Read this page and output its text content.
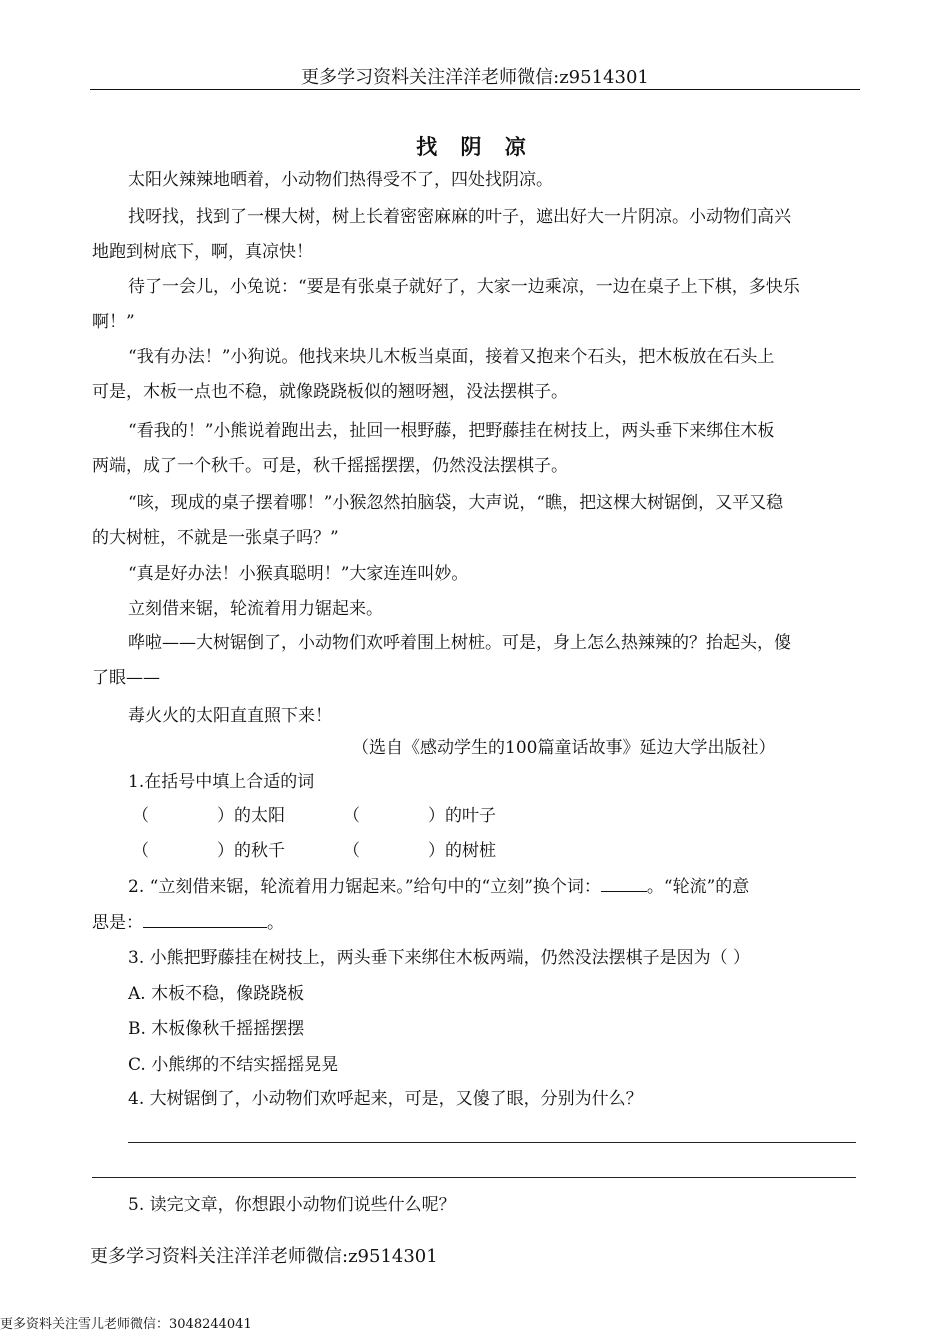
更多学习资料关注洋洋老师微信:z9514301
找 阴 凉
太阳火辣辣地晒着，小动物们热得受不了，四处找阴凉。
找呀找，找到了一棵大树，树上长着密密麻麻的叶子，遮出好大一片阴凉。小动物们高兴
地跑到树底下，啊，真凉快！
待了一会儿，小兔说：“要是有张桌子就好了，大家一边乘凉，一边在桌子上下棋，多快乐
啊！”
“我有办法！”小狗说。他找来块儿木板当桌面，接着又抱来个石头，把木板放在石头上
可是，木板一点也不稳，就像跷跷板似的翘呀翘，没法摆棋子。
“看我的！”小熊说着跑出去，扯回一根野藤，把野藤挂在树技上，两头垂下来绑住木板
两端，成了一个秋千。可是，秋千摇摇摆摆，仍然没法摆棋子。
“咳，现成的桌子摆着哪！”小猴忽然拍脑袋，大声说，“瞧，把这棵大树锯倒，又平又稳
的大树桩，不就是一张桌子吗？”
“真是好办法！小猴真聪明！”大家连连叫妙。
立刻借来锯，轮流着用力锯起来。
哗啦——大树锯倒了，小动物们欢呼着围上树桩。可是，身上怎么热辣辣的？抬起头，傻
了眼——
毒火火的太阳直直照下来！
（选自《感动学生的100篇童话故事》延边大学出版社）
1.在括号中填上合适的词
（	）的太阳	（	）的叶子
（	）的秋千	（	）的树桩
2. “立刻借来锯，轮流着用力锯起来。”给句中的“立刻”换个词：	。“轮流”的意
思是：	。
3. 小熊把野藤挂在树技上，两头垂下来绑住木板两端，仍然没法摆棋子是因为（ ）
A. 木板不稳，像跷跷板
B. 木板像秋千摇摇摆摆
C. 小熊绑的不结实摇摇晃晃
4. 大树锯倒了，小动物们欢呼起来，可是，又傻了眼，分别为什么？
5. 读完文章，你想跟小动物们说些什么呢？
更多学习资料关注洋洋老师微信:z9514301
更多资料关注雪儿老师微信：3048244041
